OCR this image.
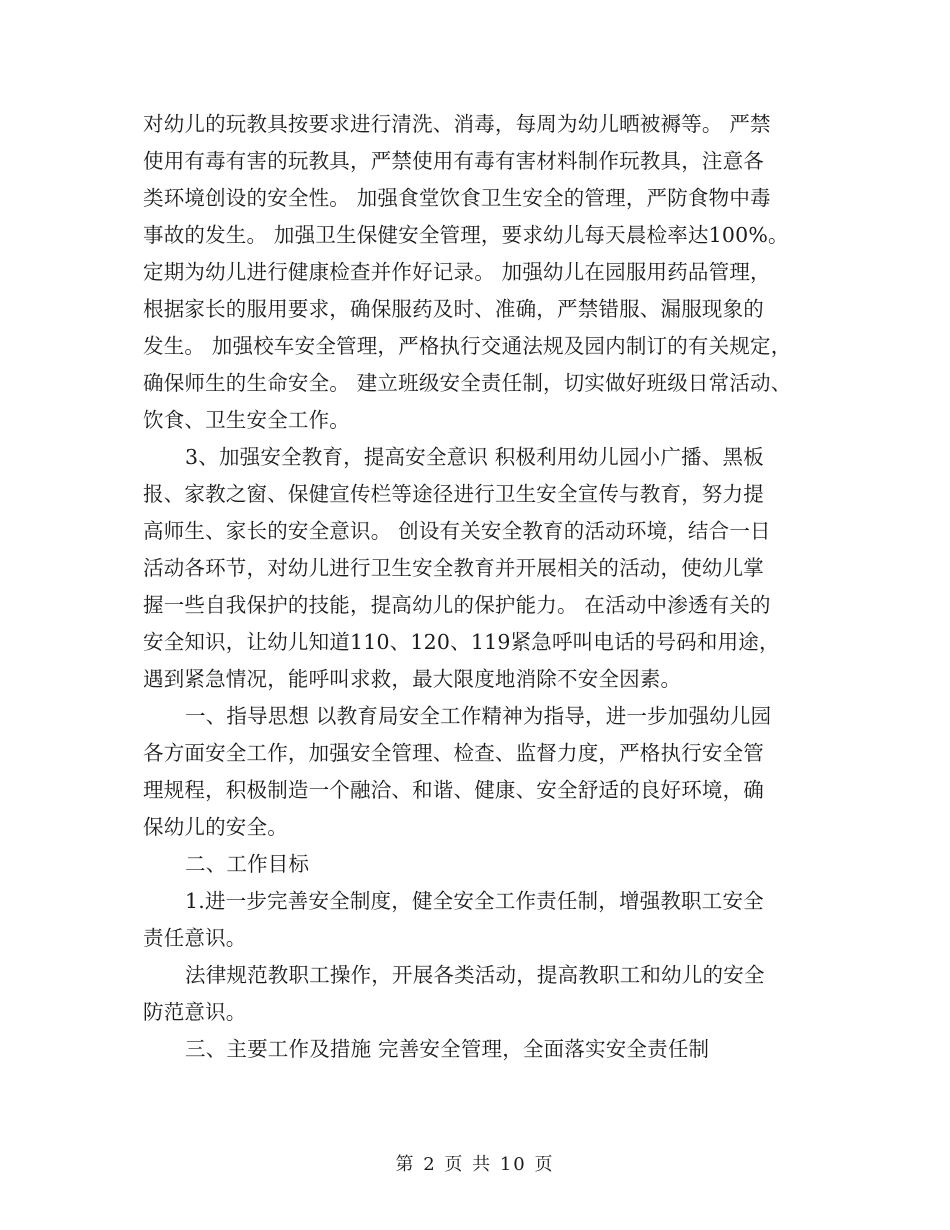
对幼儿的玩教具按要求进行清洗、消毒，每周为幼儿晒被褥等。 严禁
使用有毒有害的玩教具，严禁使用有毒有害材料制作玩教具，注意各
类环境创设的安全性。 加强食堂饮食卫生安全的管理，严防食物中毒
事故的发生。 加强卫生保健安全管理，要求幼儿每天晨检率达100%。
定期为幼儿进行健康检查并作好记录。 加强幼儿在园服用药品管理，
根据家长的服用要求，确保服药及时、准确，严禁错服、漏服现象的
发生。 加强校车安全管理，严格执行交通法规及园内制订的有关规定，
确保师生的生命安全。 建立班级安全责任制，切实做好班级日常活动、
饮食、卫生安全工作。
3、加强安全教育，提高安全意识 积极利用幼儿园小广播、黑板
报、家教之窗、保健宣传栏等途径进行卫生安全宣传与教育，努力提
高师生、家长的安全意识。 创设有关安全教育的活动环境，结合一日
活动各环节，对幼儿进行卫生安全教育并开展相关的活动，使幼儿掌
握一些自我保护的技能，提高幼儿的保护能力。 在活动中渗透有关的
安全知识，让幼儿知道110、120、119紧急呼叫电话的号码和用途，
遇到紧急情况，能呼叫求救，最大限度地消除不安全因素。
一、指导思想 以教育局安全工作精神为指导，进一步加强幼儿园
各方面安全工作，加强安全管理、检查、监督力度，严格执行安全管
理规程，积极制造一个融洽、和谐、健康、安全舒适的良好环境，确
保幼儿的安全。
二、工作目标
1.进一步完善安全制度，健全安全工作责任制，增强教职工安全
责任意识。
法律规范教职工操作，开展各类活动，提高教职工和幼儿的安全
防范意识。
三、主要工作及措施 完善安全管理，全面落实安全责任制
第 2 页 共 10 页
